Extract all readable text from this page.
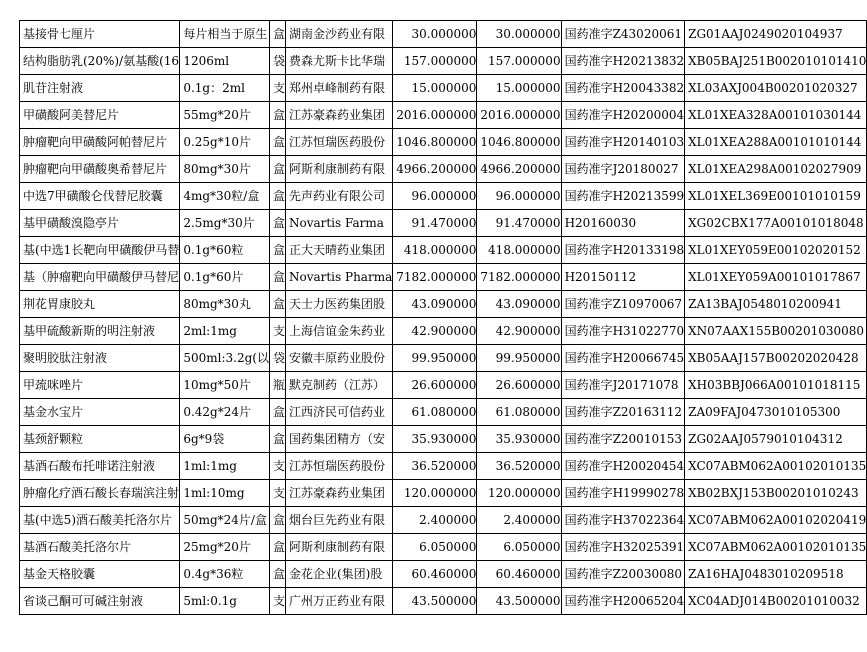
基接骨七厘片	每片相当于原生	盒	湖南金沙药业有限	30.000000	30.000000	国药准字Z43020061	ZG01AAJ0249020104937
结构脂肪乳(20%)/氨基酸(16	1206ml	袋	费森尤斯卡比华瑞	157.000000	157.000000	国药准字H20213832	XB05BAJ251B002010101410
肌苷注射液	0.1g：2ml	支	郑州卓峰制药有限	15.000000	15.000000	国药准字H20043382	XL03AXJ004B00201020327
甲磺酸阿美替尼片	55mg*20片	盒	江苏豪森药业集团	2016.000000	2016.000000	国药准字H20200004	XL01XEA328A00101030144
肿瘤靶向甲磺酸阿帕替尼片	0.25g*10片	盒	江苏恒瑞医药股份	1046.800000	1046.800000	国药准字H20140103	XL01XEA288A00101010144
肿瘤靶向甲磺酸奥希替尼片	80mg*30片	盒	阿斯利康制药有限	4966.200000	4966.200000	国药准字J20180027	XL01XEA298A00102027909
中选7甲磺酸仑伐替尼胶囊	4mg*30粒/盒	盒	先声药业有限公司	96.000000	96.000000	国药准字H20213599	XL01XEL369E00101010159
基甲磺酸溴隐亭片	2.5mg*30片	盒	Novartis Farma	91.470000	91.470000	H20160030	XG02CBX177A00101018048
基(中选1长靶向甲磺酸伊马替	0.1g*60粒	盒	正大天晴药业集团	418.000000	418.000000	国药准字H20133198	XL01XEY059E00102020152
基（肿瘤靶向甲磺酸伊马替尼	0.1g*60片	盒	Novartis Pharma	7182.000000	7182.000000	H20150112	XL01XEY059A00101017867
荆花胃康胶丸	80mg*30丸	盒	天士力医药集团股	43.090000	43.090000	国药准字Z10970067	ZA13BAJ0548010200941
基甲硫酸新斯的明注射液	2ml:1mg	支	上海信谊金朱药业	42.900000	42.900000	国药准字H31022770	XN07AAX155B00201030080
聚明胶肽注射液	500ml:3.2g(以	袋	安徽丰原药业股份	99.950000	99.950000	国药准字H20066745	XB05AAJ157B00202020428
甲巯咪唑片	10mg*50片	瓶	默克制药（江苏）	26.600000	26.600000	国药准字J20171078	XH03BBJ066A00101018115
基金水宝片	0.42g*24片	盒	江西济民可信药业	61.080000	61.080000	国药准字Z20163112	ZA09FAJ0473010105300
基颈舒颗粒	6g*9袋	盒	国药集团精方（安	35.930000	35.930000	国药准字Z20010153	ZG02AAJ0579010104312
基酒石酸布托啡诺注射液	1ml:1mg	支	江苏恒瑞医药股份	36.520000	36.520000	国药准字H20020454	XC07ABM062A00102010135
肿瘤化疗酒石酸长春瑞滨注射	1ml:10mg	支	江苏豪森药业集团	120.000000	120.000000	国药准字H19990278	XB02BXJ153B00201010243
基(中选5)酒石酸美托洛尔片	50mg*24片/盒	盒	烟台巨先药业有限	2.400000	2.400000	国药准字H37022364	XC07ABM062A00102020419
基酒石酸美托洛尔片	25mg*20片	盒	阿斯利康制药有限	6.050000	6.050000	国药准字H32025391	XC07ABM062A00102010135
基金天格胶囊	0.4g*36粒	盒	金花企业(集团)股	60.460000	60.460000	国药准字Z20030080	ZA16HAJ0483010209518
省谈己酮可可碱注射液	5ml:0.1g	支	广州万正药业有限	43.500000	43.500000	国药准字H20065204	XC04ADJ014B00201010032
